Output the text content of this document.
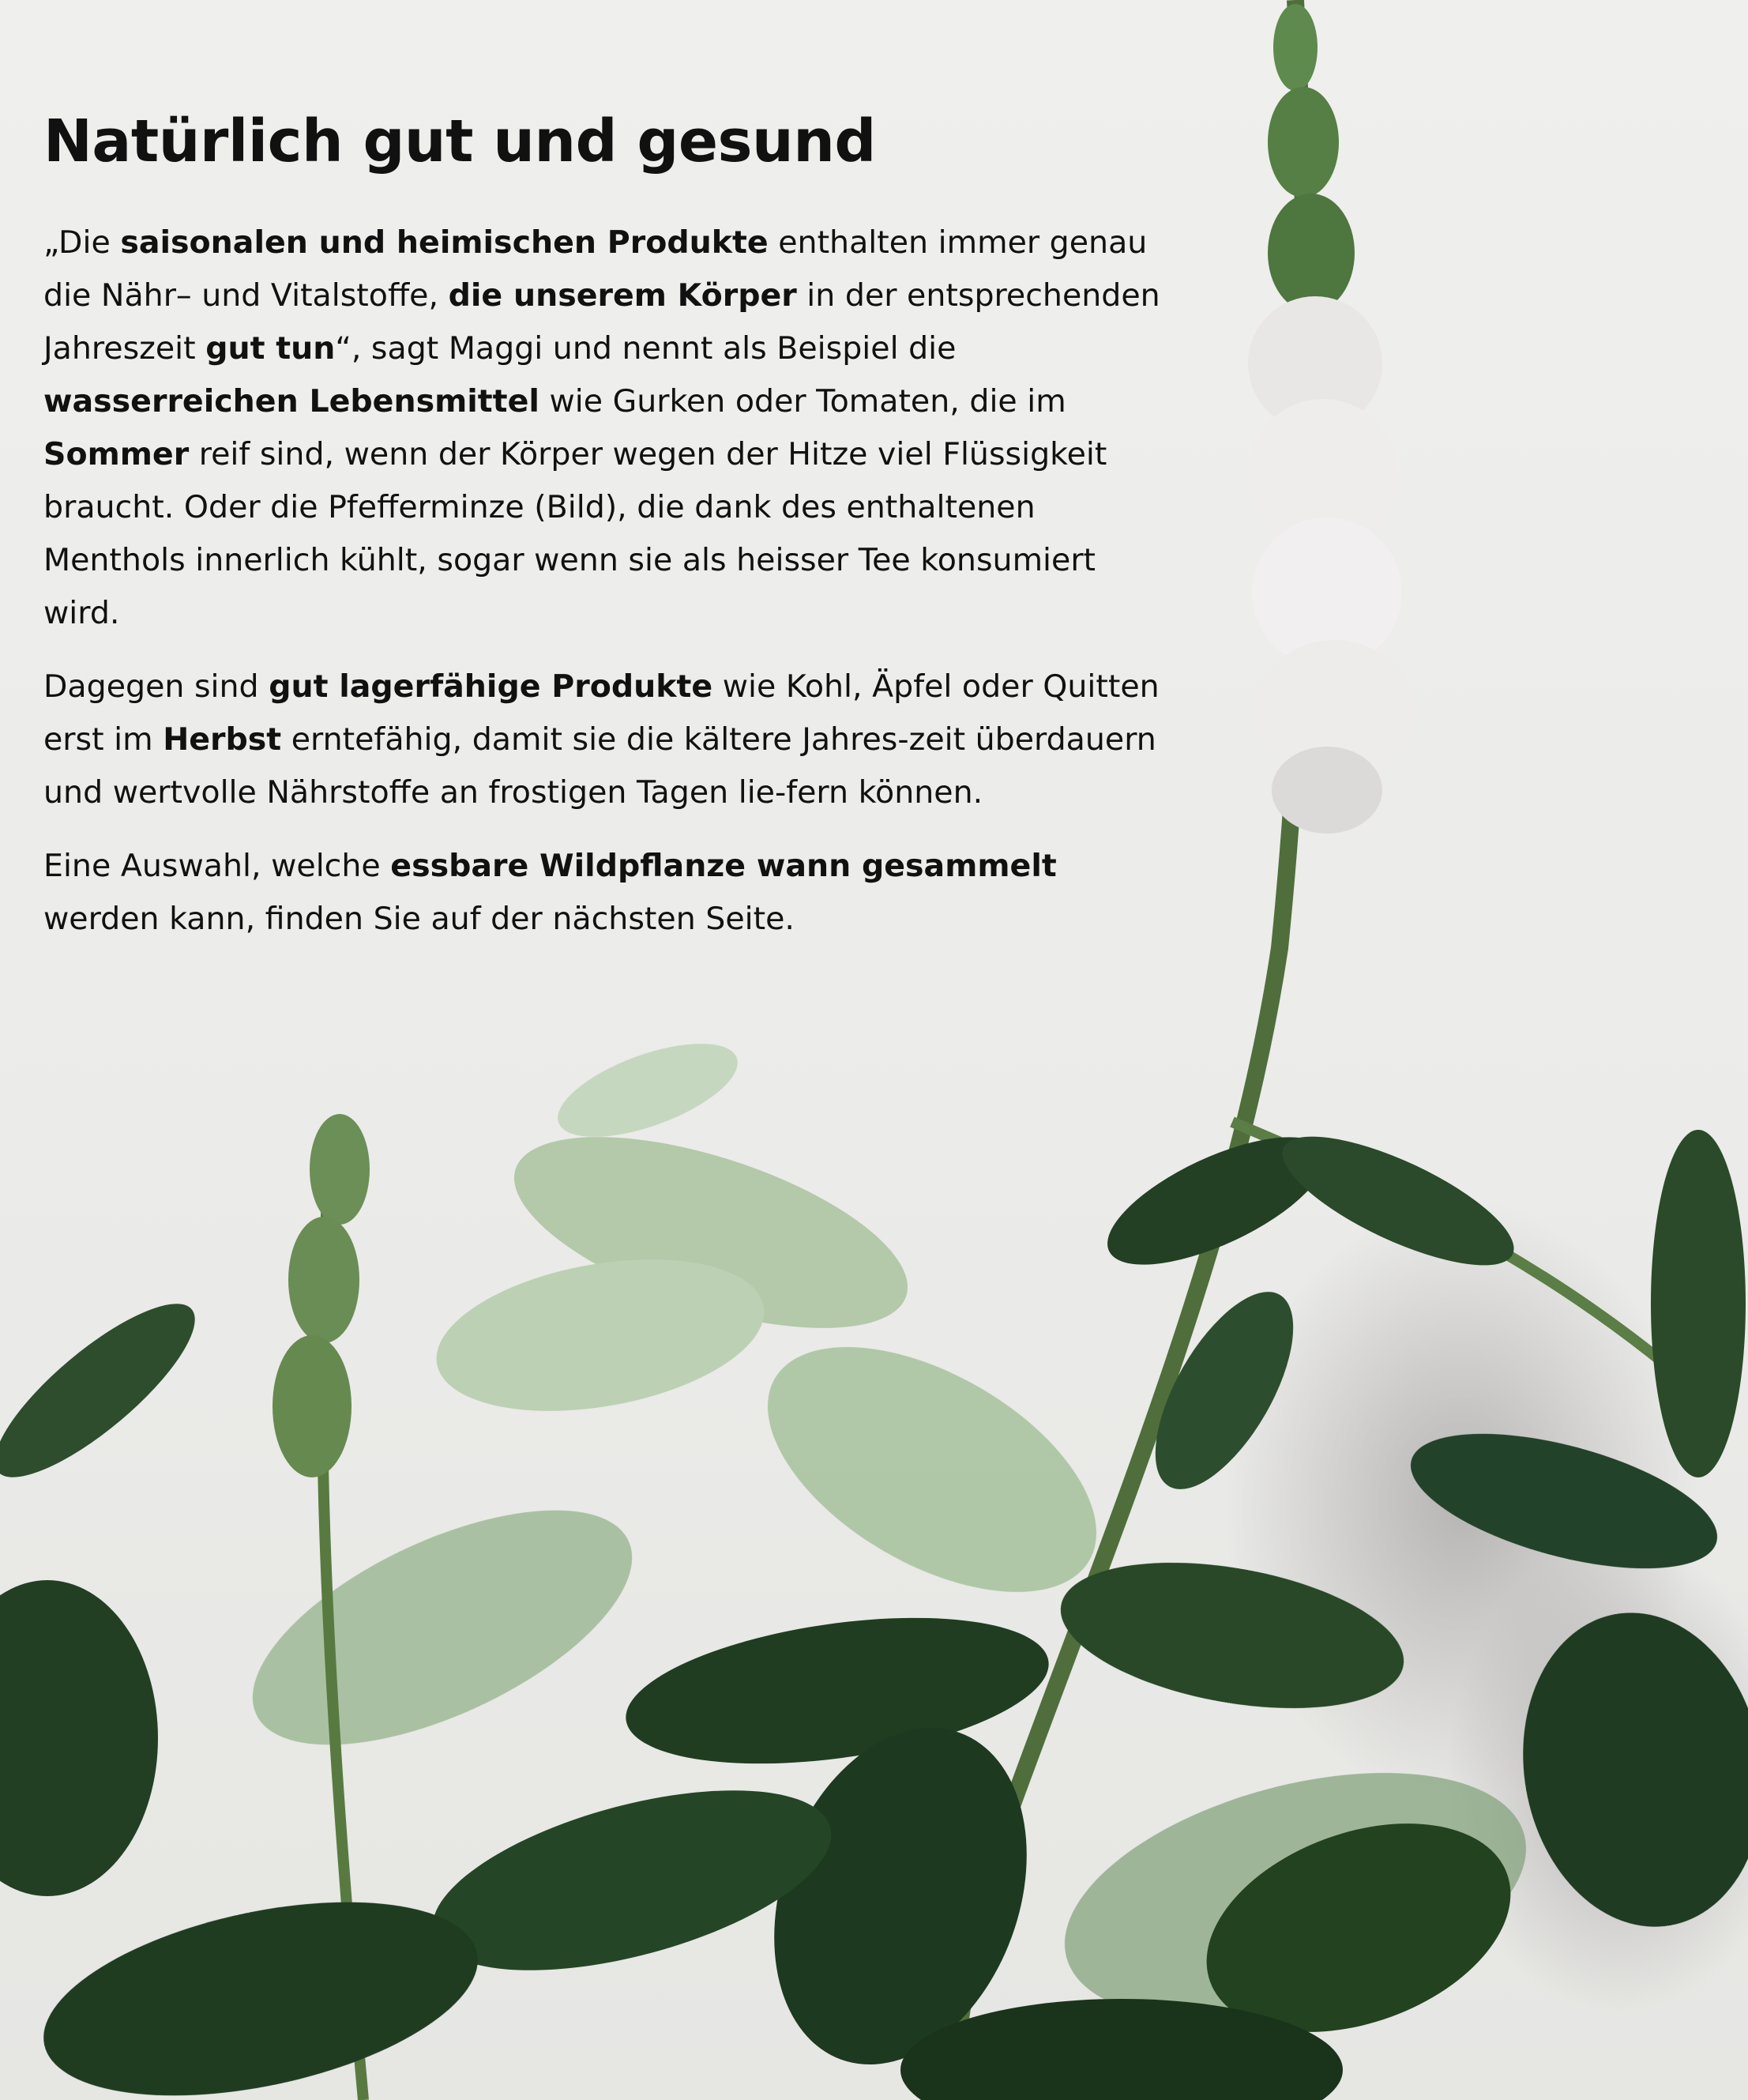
Natürlich gut und gesund

„Die saisonalen und heimischen Produkte enthalten immer genau die Nähr– und Vitalstoffe, die unserem Körper in der entsprechenden Jahreszeit gut tun“, sagt Maggi und nennt als Beispiel die wasserreichen Lebensmittel wie Gurken oder Tomaten, die im Sommer reif sind, wenn der Körper wegen der Hitze viel Flüssigkeit braucht. Oder die Pfefferminze (Bild), die dank des enthaltenen Menthols innerlich kühlt, sogar wenn sie als heisser Tee konsumiert wird.

Dagegen sind gut lagerfähige Produkte wie Kohl, Äpfel oder Quitten erst im Herbst erntefähig, damit sie die kältere Jahres-zeit überdauern und wertvolle Nährstoffe an frostigen Tagen lie-fern können.

Eine Auswahl, welche essbare Wildpflanze wann gesammelt werden kann, finden Sie auf der nächsten Seite.
